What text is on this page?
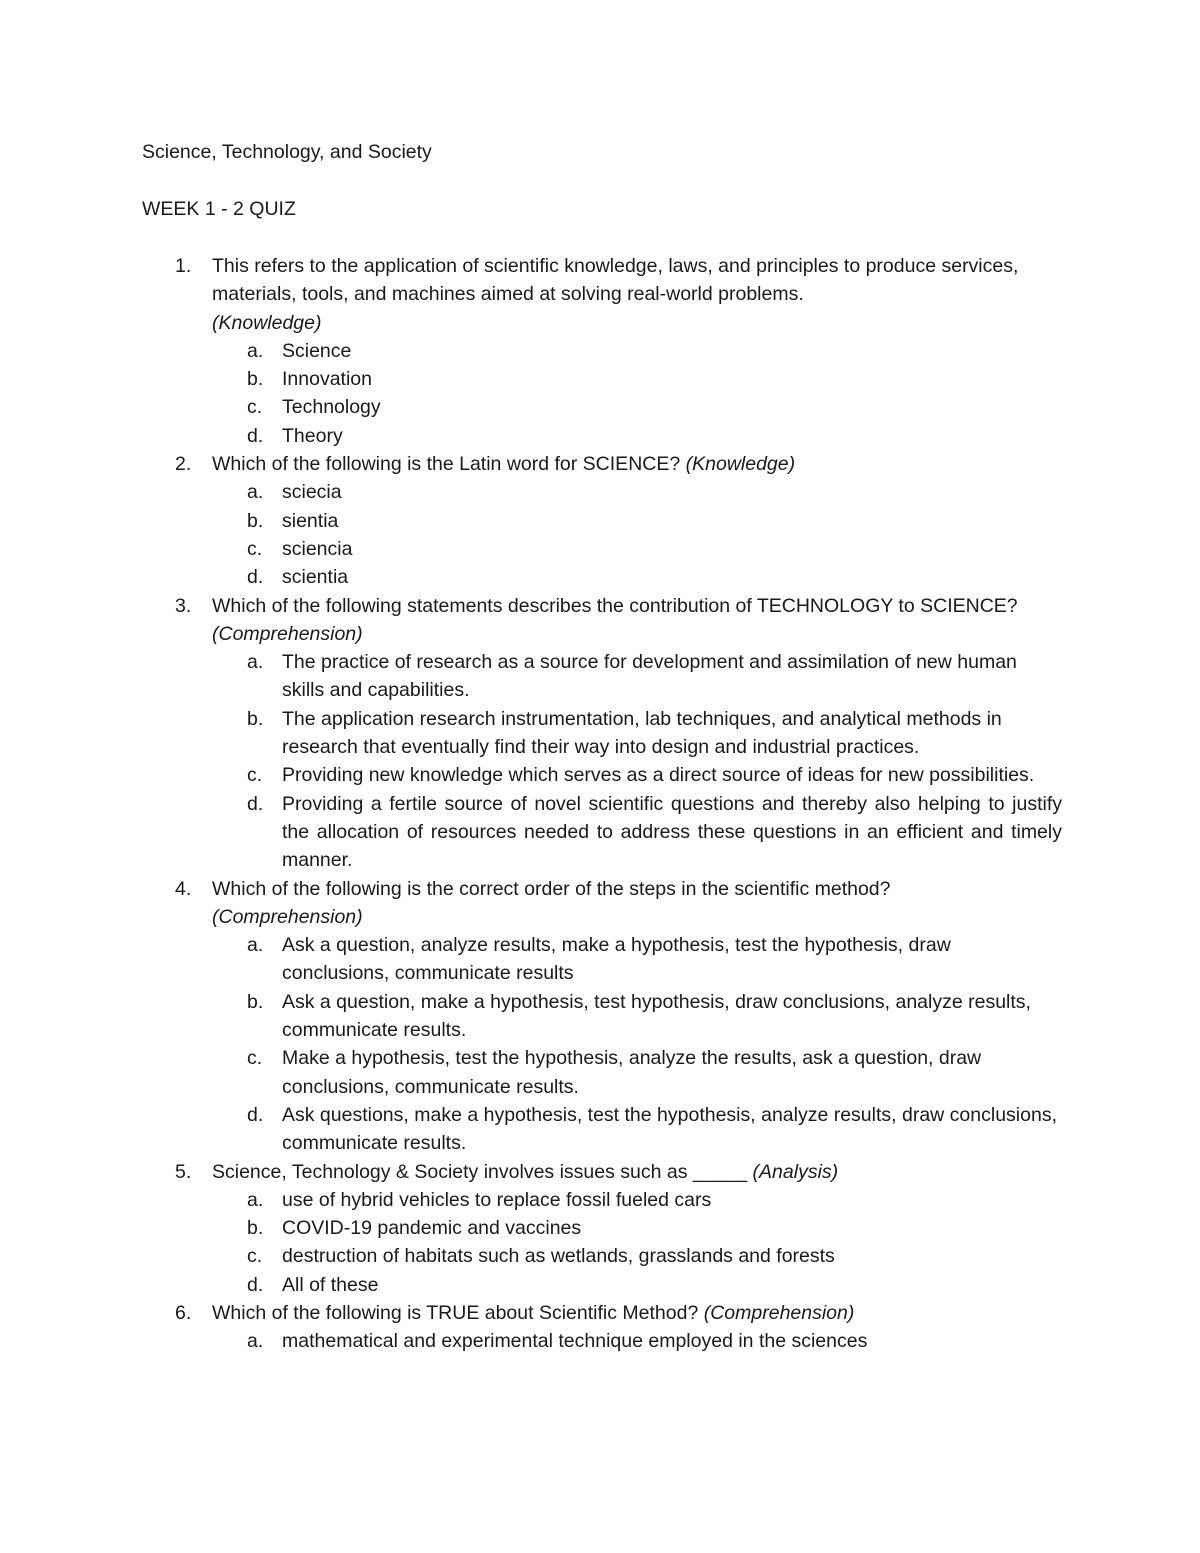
Science, Technology, and Society

WEEK 1 - 2 QUIZ

1. This refers to the application of scientific knowledge, laws, and principles to produce services, materials, tools, and machines aimed at solving real-world problems.
(Knowledge)
a. Science
b. Innovation
c. Technology
d. Theory
2. Which of the following is the Latin word for SCIENCE? (Knowledge)
a. sciecia
b. sientia
c. sciencia
d. scientia
3. Which of the following statements describes the contribution of TECHNOLOGY to SCIENCE? (Comprehension)
a. The practice of research as a source for development and assimilation of new human skills and capabilities.
b. The application research instrumentation, lab techniques, and analytical methods in research that eventually find their way into design and industrial practices.
c. Providing new knowledge which serves as a direct source of ideas for new possibilities.
d. Providing a fertile source of novel scientific questions and thereby also helping to justify the allocation of resources needed to address these questions in an efficient and timely manner.
4. Which of the following is the correct order of the steps in the scientific method?
(Comprehension)
a. Ask a question, analyze results, make a hypothesis, test the hypothesis, draw conclusions, communicate results
b. Ask a question, make a hypothesis, test hypothesis, draw conclusions, analyze results, communicate results.
c. Make a hypothesis, test the hypothesis, analyze the results, ask a question, draw conclusions, communicate results.
d. Ask questions, make a hypothesis, test the hypothesis, analyze results, draw conclusions, communicate results.
5. Science, Technology & Society involves issues such as _____ (Analysis)
a. use of hybrid vehicles to replace fossil fueled cars
b. COVID-19 pandemic and vaccines
c. destruction of habitats such as wetlands, grasslands and forests
d. All of these
6. Which of the following is TRUE about Scientific Method? (Comprehension)
a. mathematical and experimental technique employed in the sciences
